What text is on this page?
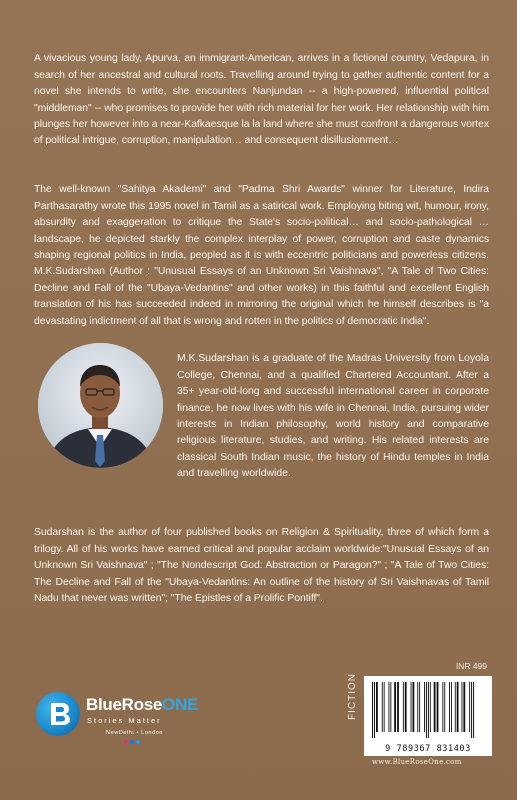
A vivacious young lady, Apurva, an immigrant-American, arrives in a fictional country, Vedapura, in search of her ancestral and cultural roots. Travelling around trying to gather authentic content for a novel she intends to write, she encounters Nanjundan -- a high-powered, influential political "middleman" -- who promises to provide her with rich material for her work. Her relationship with him plunges her however into a near-Kafkaesque la la land where she must confront a dangerous vortex of political intrigue, corruption, manipulation… and consequent disillusionment…

The well-known "Sahitya Akademi" and "Padma Shri Awards" winner for Literature, Indira Parthasarathy wrote this 1995 novel in Tamil as a satirical work. Employing biting wit, humour, irony, absurdity and exaggeration to critique the State's socio-political… and socio-pathological … landscape, he depicted starkly the complex interplay of power, corruption and caste dynamics shaping regional politics in India, peopled as it is with eccentric politicians and powerless citizens. M.K.Sudarshan (Author : "Unusual Essays of an Unknown Sri Vaishnava", "A Tale of Two Cities: Decline and Fall of the "Ubaya-Vedantins" and other works) in this faithful and excellent English translation of his has succeeded indeed in mirroring the original which he himself describes is "a devastating indictment of all that is wrong and rotten in the politics of democratic India".

M.K.Sudarshan is a graduate of the Madras University from Loyola College, Chennai, and a qualified Chartered Accountant. After a 35+ year-old-long and successful international career in corporate finance, he now lives with his wife in Chennai, India, pursuing wider interests in Indian philosophy, world history and comparative religious literature, studies, and writing. His related interests are classical South Indian music, the history of Hindu temples in India and travelling worldwide.

Sudarshan is the author of four published books on Religion & Spirituality, three of which form a trilogy. All of his works have earned critical and popular acclaim worldwide:"Unusual Essays of an Unknown Sri Vaishnava" ; "The Nondescript God: Abstraction or Paragon?" ; "A Tale of Two Cities: The Decline and Fall of the "Ubaya-Vedantins: An outline of the history of Sri Vaishnavas of Tamil Nadu that never was written"; "The Epistles of a Prolific Pontiff".

INR 499
FICTION
9 789367 831403
www.BlueRoseOne.com
BlueRoseONE
Stories Matter
NewDelhi • London
